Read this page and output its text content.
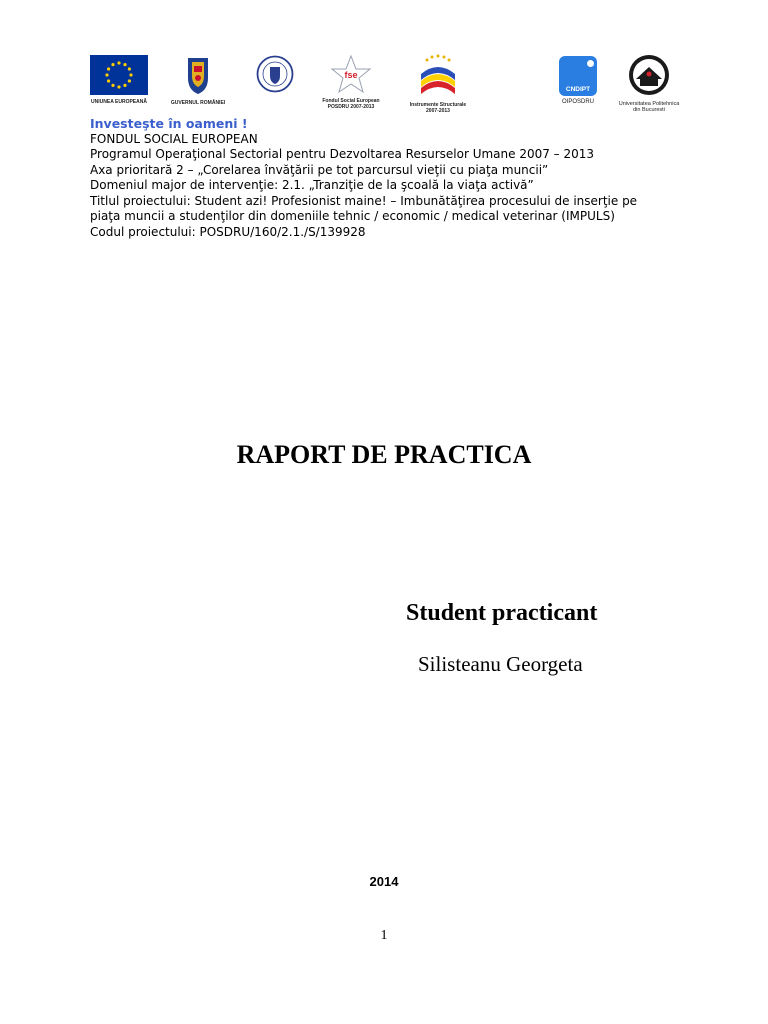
UNIUNEA EUROPEANĂ	GUVERNUL ROMÂNIEI
fse
Fondul Social European
POSDRU 2007-2013	Instrumente Structurale
2007-2013
CNDIPT
OIPOSDRU	Universitatea Politehnica
din Bucuresti
Investeşte în oameni !
FONDUL SOCIAL EUROPEAN
Programul Operaţional Sectorial pentru Dezvoltarea Resurselor Umane 2007 – 2013
Axa prioritară 2 – „Corelarea învăţării pe tot parcursul vieţii cu piaţa muncii”
Domeniul major de intervenţie: 2.1. „Tranziţie de la şcoală la viaţa activă”
Titlul proiectului: Student azi! Profesionist maine! – Imbunătăţirea procesului de inserţie pe
piaţa muncii a studenţilor din domeniile tehnic / economic / medical veterinar (IMPULS)
Codul proiectului: POSDRU/160/2.1./S/139928
RAPORT DE PRACTICA
Student practicant
Silisteanu Georgeta
2014
1
